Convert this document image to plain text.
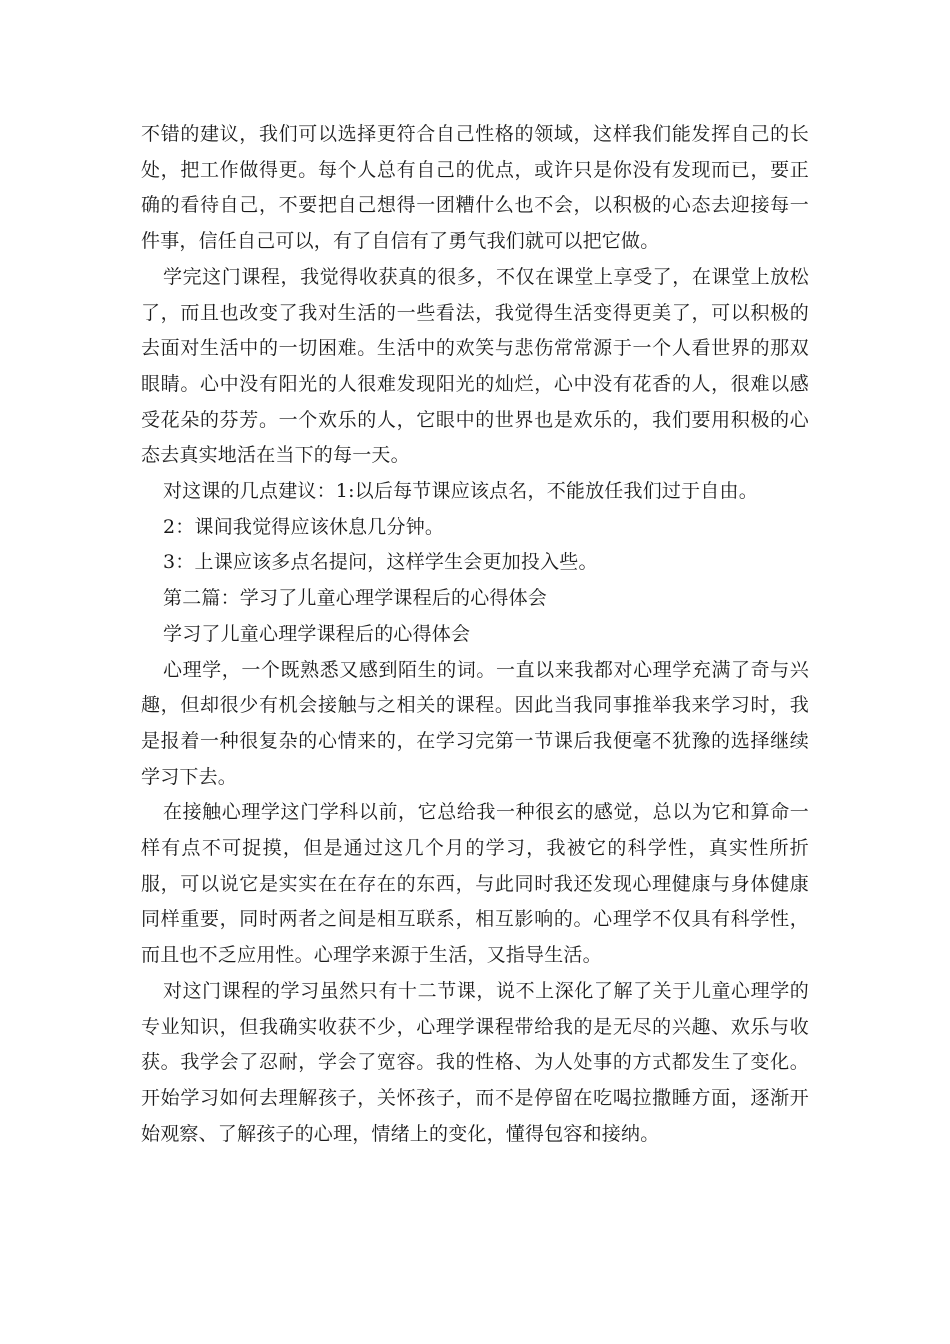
不错的建议，我们可以选择更符合自己性格的领域，这样我们能发挥自己的长处，把工作做得更。每个人总有自己的优点，或许只是你没有发现而已，要正确的看待自己，不要把自己想得一团糟什么也不会，以积极的心态去迎接每一件事，信任自己可以，有了自信有了勇气我们就可以把它做。

学完这门课程，我觉得收获真的很多，不仅在课堂上享受了，在课堂上放松了，而且也改变了我对生活的一些看法，我觉得生活变得更美了，可以积极的去面对生活中的一切困难。生活中的欢笑与悲伤常常源于一个人看世界的那双眼睛。心中没有阳光的人很难发现阳光的灿烂，心中没有花香的人，很难以感受花朵的芬芳。一个欢乐的人，它眼中的世界也是欢乐的，我们要用积极的心态去真实地活在当下的每一天。

对这课的几点建议：1:以后每节课应该点名，不能放任我们过于自由。

2：课间我觉得应该休息几分钟。

3：上课应该多点名提问，这样学生会更加投入些。

第二篇：学习了儿童心理学课程后的心得体会

学习了儿童心理学课程后的心得体会

心理学，一个既熟悉又感到陌生的词。一直以来我都对心理学充满了奇与兴趣，但却很少有机会接触与之相关的课程。因此当我同事推举我来学习时，我是报着一种很复杂的心情来的，在学习完第一节课后我便毫不犹豫的选择继续学习下去。

在接触心理学这门学科以前，它总给我一种很玄的感觉，总以为它和算命一样有点不可捉摸，但是通过这几个月的学习，我被它的科学性，真实性所折服，可以说它是实实在在存在的东西，与此同时我还发现心理健康与身体健康同样重要，同时两者之间是相互联系，相互影响的。心理学不仅具有科学性，而且也不乏应用性。心理学来源于生活，又指导生活。

对这门课程的学习虽然只有十二节课，说不上深化了解了关于儿童心理学的专业知识，但我确实收获不少，心理学课程带给我的是无尽的兴趣、欢乐与收获。我学会了忍耐，学会了宽容。我的性格、为人处事的方式都发生了变化。开始学习如何去理解孩子，关怀孩子，而不是停留在吃喝拉撒睡方面，逐渐开始观察、了解孩子的心理，情绪上的变化，懂得包容和接纳。
